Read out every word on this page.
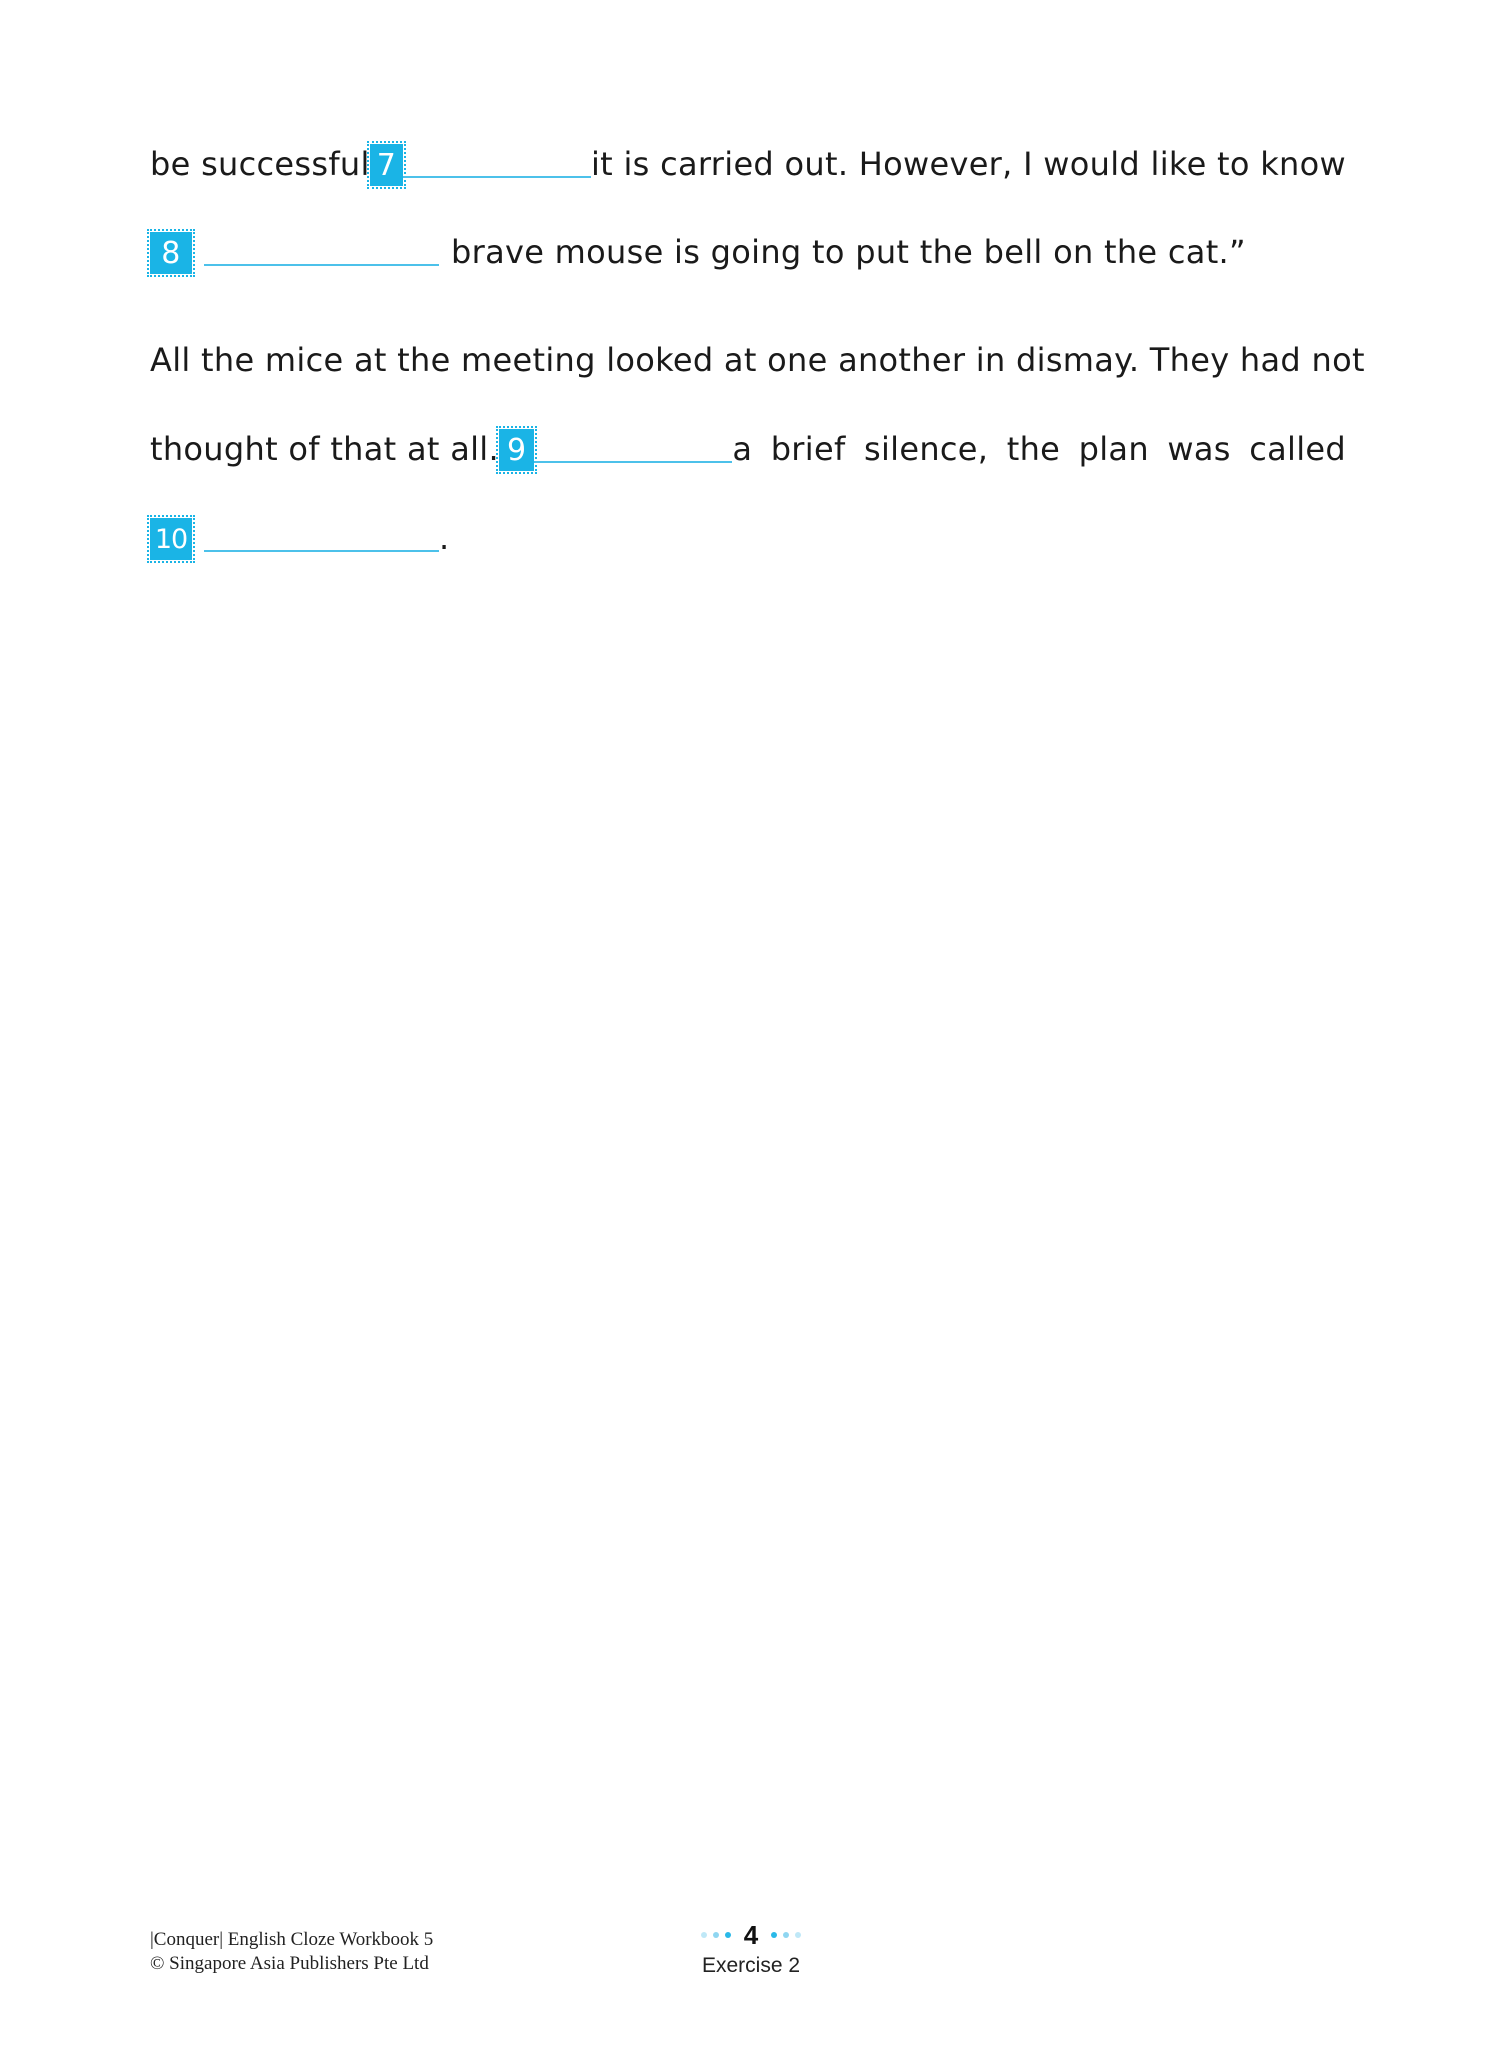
be successful 7	it is carried out. However, I would like to know
8	brave mouse is going to put the bell on the cat.”
All the mice at the meeting looked at one another in dismay. They had not
thought of that at all. 9	a brief silence, the plan was called
10	.
|Conquer| English Cloze Workbook 5
© Singapore Asia Publishers Pte Ltd
4
Exercise 2
